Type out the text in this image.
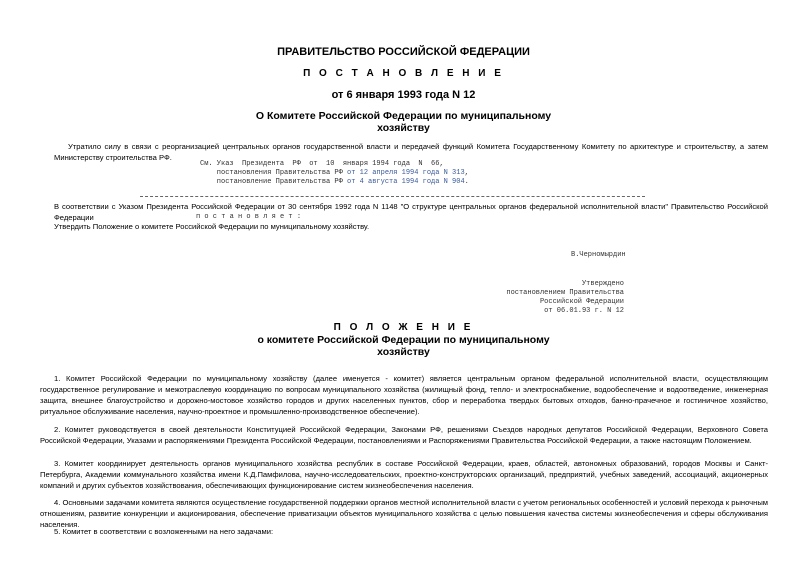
ПРАВИТЕЛЬСТВО РОССИЙСКОЙ ФЕДЕРАЦИИ
П О С Т А Н О В Л Е Н И Е
от 6 января 1993 года N 12
О Комитете Российской Федерации по муниципальному
хозяйству
Утратило силу в связи с реорганизацией центральных органов государственной власти и передачей функций Комитета Государственному Комитету по архитектуре и строительству, а затем Министерству строительства РФ.
См. Указ  Президента  РФ  от  10  января 1994 года  N  66,
постановления Правительства РФ от 12 апреля 1994 года N 313,
постановление Правительства РФ от 4 августа 1994 года N 904.
В соответствии с Указом Президента Российской Федерации от 30 сентября 1992 года N 1148 "О структуре центральных органов федеральной исполнительной власти" Правительство Российской Федерации	п о с т а н о в л я е т :
Утвердить Положение о комитете Российской Федерации по муниципальному хозяйству.
В.Черномырдин
Утверждено
постановлением Правительства
Российской Федерации
от 06.01.93 г. N 12
П О Л О Ж Е Н И Е
о комитете Российской Федерации по муниципальному
хозяйству
1. Комитет Российской Федерации по муниципальному хозяйству (далее именуется - комитет) является центральным органом федеральной исполнительной власти, осуществляющим государственное регулирование и межотраслевую координацию по вопросам муниципального хозяйства (жилищный фонд, тепло- и электроснабжение, водообеспечение и водоотведение, инженерная защита, внешнее благоустройство и дорожно-мостовое хозяйство городов и других населенных пунктов, сбор и переработка твердых бытовых отходов, банно-прачечное и гостиничное хозяйство, ритуальное обслуживание населения, научно-проектное и промышленно-производственное обеспечение).
2. Комитет руководствуется в своей деятельности Конституцией Российской Федерации, Законами РФ, решениями Съездов народных депутатов Российской Федерации, Верховного Совета Российской Федерации, Указами и распоряжениями Президента Российской Федерации, постановлениями и Распоряжениями Правительства Российской Федерации, а также настоящим Положением.
3. Комитет координирует деятельность органов муниципального хозяйства республик в составе Российской Федерации, краев, областей, автономных образований, городов Москвы и Санкт-Петербурга, Академии коммунального хозяйства имени К.Д.Памфилова, научно-исследовательских, проектно-конструкторских организаций, предприятий, учебных заведений, ассоциаций, акционерных компаний и других субъектов хозяйствования, обеспечивающих функционирование систем жизнеобеспечения населения.
4. Основными задачами комитета являются осуществление государственной поддержки органов местной исполнительной власти с учетом региональных особенностей и условий перехода к рыночным отношениям, развитие конкуренции и акционирования, обеспечение приватизации объектов муниципального хозяйства с целью повышения качества системы жизнеобеспечения и сферы обслуживания населения.
5. Комитет в соответствии с возложенными на него задачами:
